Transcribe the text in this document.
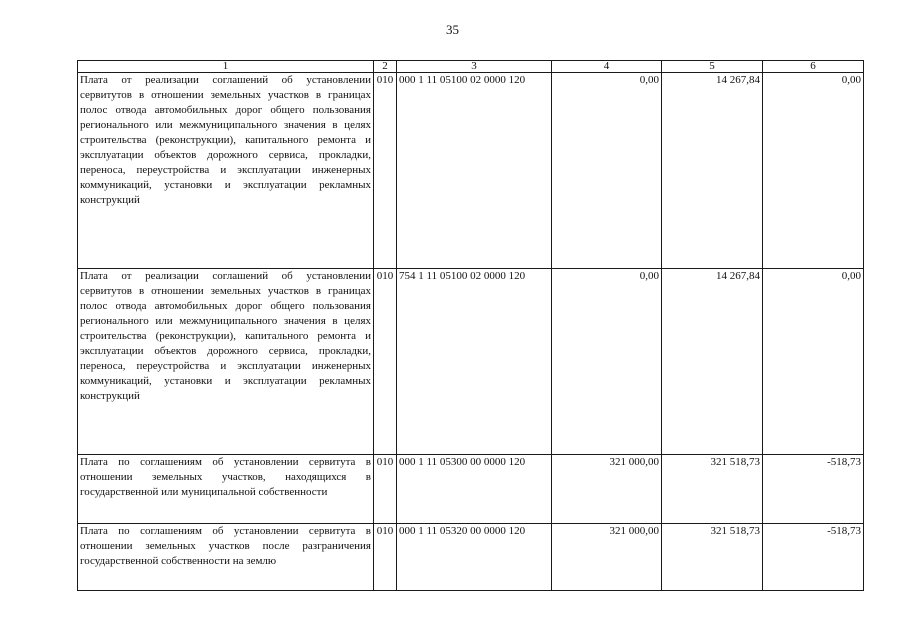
35
1	2	3	4	5	6
Плата от реализации соглашений об установлении сервитутов в отношении земельных участков в границах полос отвода автомобильных дорог общего пользования регионального или межмуниципального значения в целях строительства (реконструкции), капитального ремонта и эксплуатации объектов дорожного сервиса, прокладки, переноса, переустройства и эксплуатации инженерных коммуникаций, установки и эксплуатации рекламных конструкций	010	000 1 11 05100 02 0000 120	0,00	14 267,84	0,00
Плата от реализации соглашений об установлении сервитутов в отношении земельных участков в границах полос отвода автомобильных дорог общего пользования регионального или межмуниципального значения в целях строительства (реконструкции), капитального ремонта и эксплуатации объектов дорожного сервиса, прокладки, переноса, переустройства и эксплуатации инженерных коммуникаций, установки и эксплуатации рекламных конструкций	010	754 1 11 05100 02 0000 120	0,00	14 267,84	0,00
Плата по соглашениям об установлении сервитута в отношении земельных участков, находящихся в государственной или муниципальной собственности	010	000 1 11 05300 00 0000 120	321 000,00	321 518,73	-518,73
Плата по соглашениям об установлении сервитута в отношении земельных участков после разграничения государственной собственности на землю	010	000 1 11 05320 00 0000 120	321 000,00	321 518,73	-518,73
